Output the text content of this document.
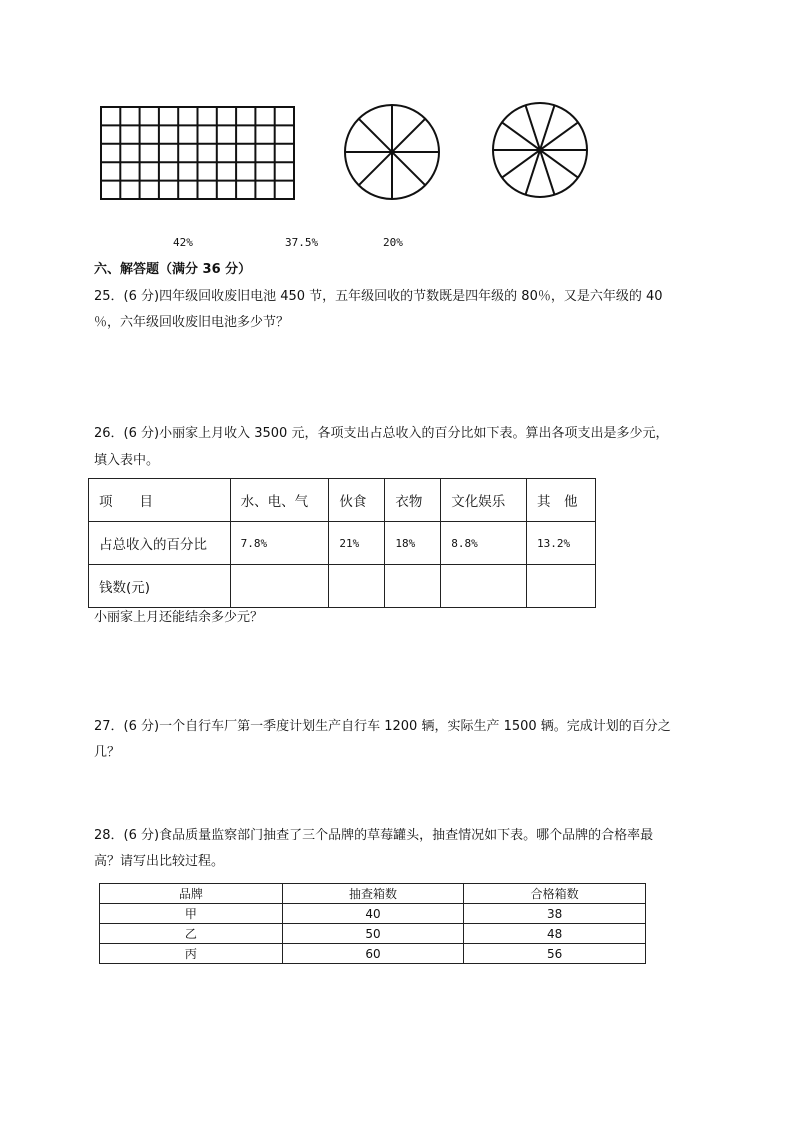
42%	37.5%	20%
六、解答题（满分 36 分）
25．(6 分)四年级回收废旧电池 450 节，五年级回收的节数既是四年级的 80％，又是六年级的 40
％，六年级回收废旧电池多少节？
26．(6 分)小丽家上月收入 3500 元，各项支出占总收入的百分比如下表。算出各项支出是多少元，
填入表中。
项　　目	水、电、气	伙食	衣物	文化娱乐	其　他
占总收入的百分比	7.8%	21%	18%	8.8%	13.2%
钱数(元)					
小丽家上月还能结余多少元？
27．(6 分)一个自行车厂第一季度计划生产自行车 1200 辆，实际生产 1500 辆。完成计划的百分之
几？
28．(6 分)食品质量监察部门抽查了三个品牌的草莓罐头，抽查情况如下表。哪个品牌的合格率最
高？请写出比较过程。
品牌	抽查箱数	合格箱数
甲	40	38
乙	50	48
丙	60	56
